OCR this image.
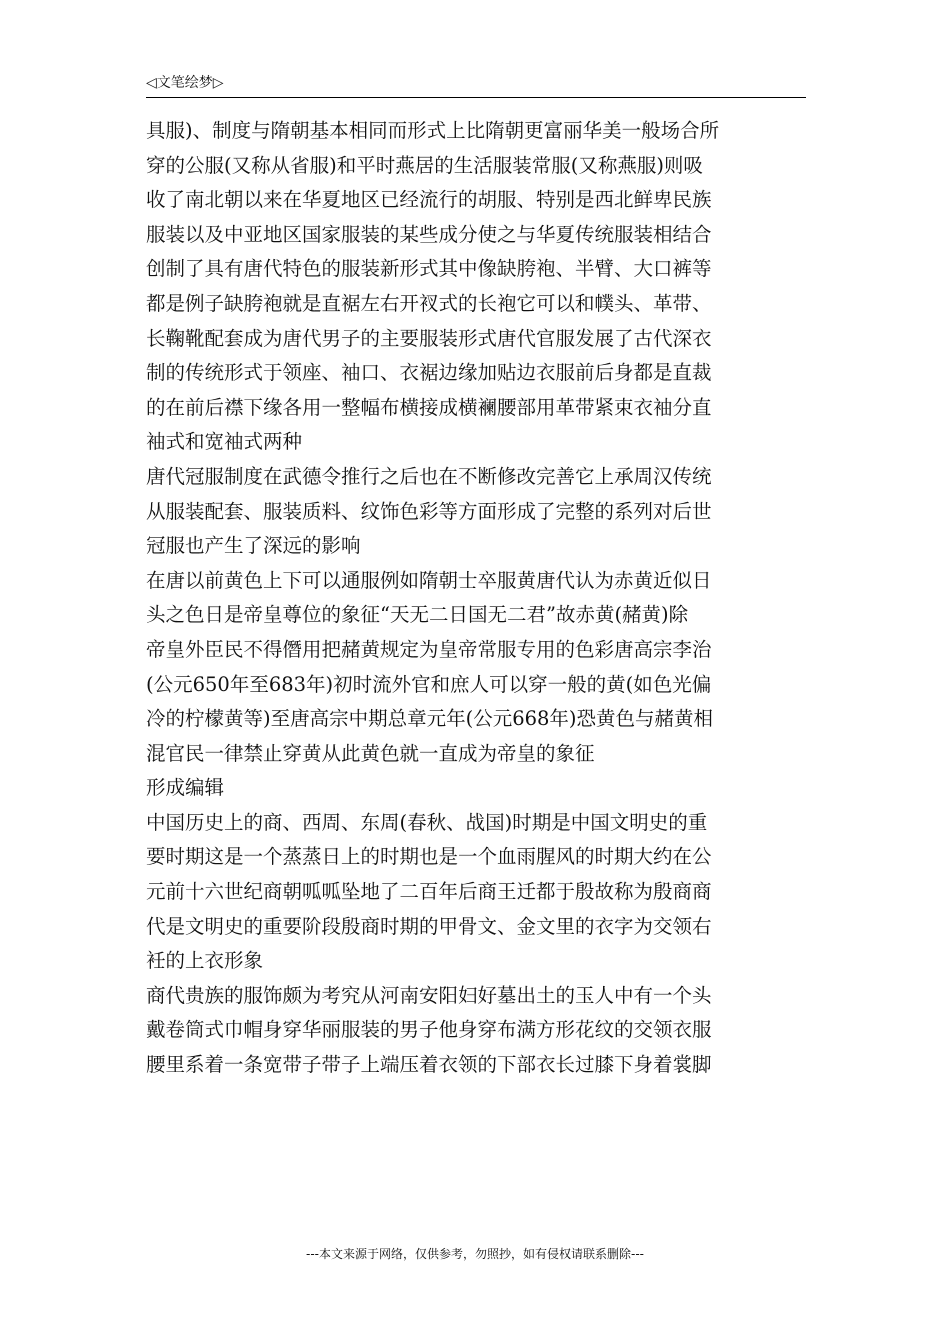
◁文笔绘梦▷
具服)、制度与隋朝基本相同而形式上比隋朝更富丽华美一般场合所
穿的公服(又称从省服)和平时燕居的生活服装常服(又称燕服)则吸
收了南北朝以来在华夏地区已经流行的胡服、特别是西北鲜卑民族
服装以及中亚地区国家服装的某些成分使之与华夏传统服装相结合
创制了具有唐代特色的服装新形式其中像缺胯袍、半臂、大口裤等
都是例子缺胯袍就是直裾左右开衩式的长袍它可以和幞头、革带、
长鞠靴配套成为唐代男子的主要服装形式唐代官服发展了古代深衣
制的传统形式于领座、袖口、衣裾边缘加贴边衣服前后身都是直裁
的在前后襟下缘各用一整幅布横接成横襕腰部用革带紧束衣袖分直
袖式和宽袖式两种
唐代冠服制度在武德令推行之后也在不断修改完善它上承周汉传统
从服装配套、服装质料、纹饰色彩等方面形成了完整的系列对后世
冠服也产生了深远的影响
在唐以前黄色上下可以通服例如隋朝士卒服黄唐代认为赤黄近似日
头之色日是帝皇尊位的象征“天无二日国无二君”故赤黄(赭黄)除
帝皇外臣民不得僭用把赭黄规定为皇帝常服专用的色彩唐高宗李治
(公元650年至683年)初时流外官和庶人可以穿一般的黄(如色光偏
冷的柠檬黄等)至唐高宗中期总章元年(公元668年)恐黄色与赭黄相
混官民一律禁止穿黄从此黄色就一直成为帝皇的象征
形成编辑
中国历史上的商、西周、东周(春秋、战国)时期是中国文明史的重
要时期这是一个蒸蒸日上的时期也是一个血雨腥风的时期大约在公
元前十六世纪商朝呱呱坠地了二百年后商王迁都于殷故称为殷商商
代是文明史的重要阶段殷商时期的甲骨文、金文里的衣字为交领右
衽的上衣形象
商代贵族的服饰颇为考究从河南安阳妇好墓出土的玉人中有一个头
戴卷筒式巾帽身穿华丽服装的男子他身穿布满方形花纹的交领衣服
腰里系着一条宽带子带子上端压着衣领的下部衣长过膝下身着裳脚
---本文来源于网络，仅供参考，勿照抄，如有侵权请联系删除---
